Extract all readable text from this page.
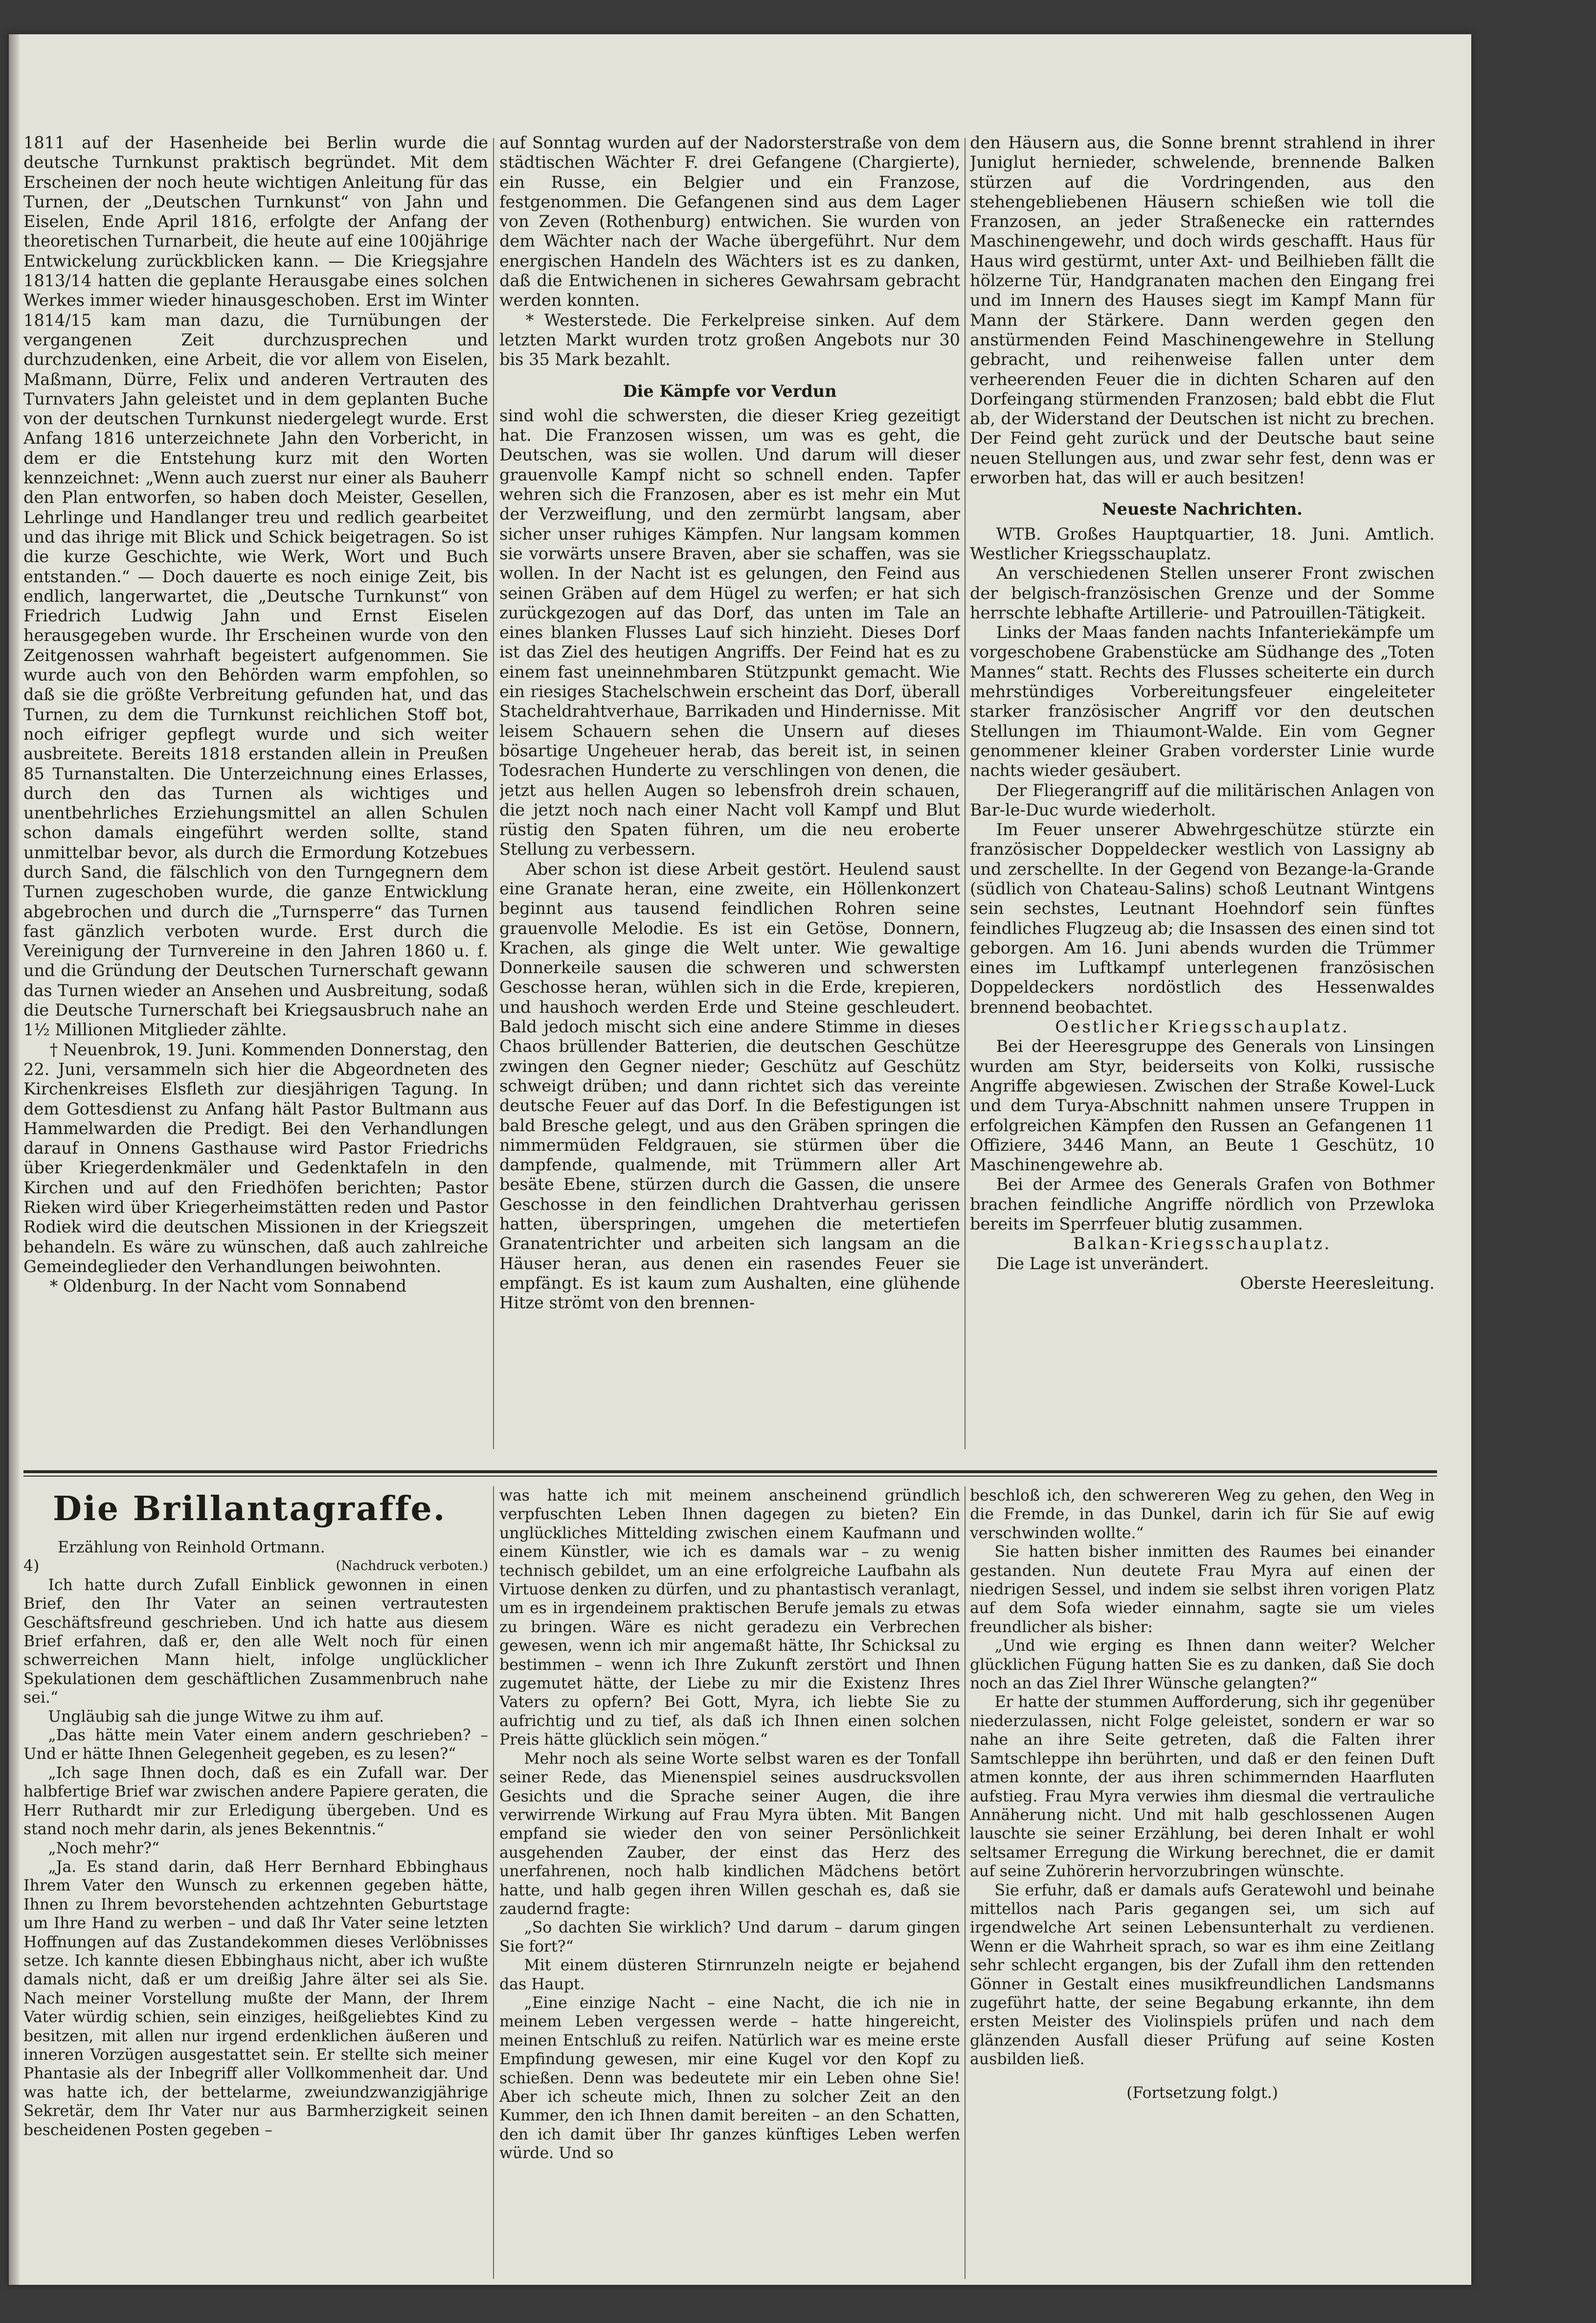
1811 auf der Hasenheide bei Berlin wurde die deutsche Turnkunst praktisch begründet. Mit dem Erscheinen der noch heute wichtigen Anleitung für das Turnen, der „Deutschen Turnkunst“ von Jahn und Eiselen, Ende April 1816, erfolgte der Anfang der theoretischen Turnarbeit, die heute auf eine 100jährige Entwickelung zurückblicken kann. — Die Kriegsjahre 1813/14 hatten die geplante Herausgabe eines solchen Werkes immer wieder hinausgeschoben. Erst im Winter 1814/15 kam man dazu, die Turnübungen der vergangenen Zeit durchzusprechen und durchzudenken, eine Arbeit, die vor allem von Eiselen, Maßmann, Dürre, Felix und anderen Vertrauten des Turnvaters Jahn geleistet und in dem geplanten Buche von der deutschen Turnkunst niedergelegt wurde. Erst Anfang 1816 unterzeichnete Jahn den Vorbericht, in dem er die Entstehung kurz mit den Worten kennzeichnet: „Wenn auch zuerst nur einer als Bauherr den Plan entworfen, so haben doch Meister, Gesellen, Lehrlinge und Handlanger treu und redlich gearbeitet und das ihrige mit Blick und Schick beigetragen. So ist die kurze Geschichte, wie Werk, Wort und Buch entstanden.“ — Doch dauerte es noch einige Zeit, bis endlich, langerwartet, die „Deutsche Turnkunst“ von Friedrich Ludwig Jahn und Ernst Eiselen herausgegeben wurde. Ihr Erscheinen wurde von den Zeitgenossen wahrhaft begeistert aufgenommen. Sie wurde auch von den Behörden warm empfohlen, so daß sie die größte Verbreitung gefunden hat, und das Turnen, zu dem die Turnkunst reichlichen Stoff bot, noch eifriger gepflegt wurde und sich weiter ausbreitete. Bereits 1818 erstanden allein in Preußen 85 Turnanstalten. Die Unterzeichnung eines Erlasses, durch den das Turnen als wichtiges und unentbehrliches Erziehungsmittel an allen Schulen schon damals eingeführt werden sollte, stand unmittelbar bevor, als durch die Ermordung Kotzebues durch Sand, die fälschlich von den Turngegnern dem Turnen zugeschoben wurde, die ganze Entwicklung abgebrochen und durch die „Turnsperre“ das Turnen fast gänzlich verboten wurde. Erst durch die Vereinigung der Turnvereine in den Jahren 1860 u. f. und die Gründung der Deutschen Turnerschaft gewann das Turnen wieder an Ansehen und Ausbreitung, sodaß die Deutsche Turnerschaft bei Kriegsausbruch nahe an 1½ Millionen Mitglieder zählte.

† Neuenbrok, 19. Juni. Kommenden Donnerstag, den 22. Juni, versammeln sich hier die Abgeordneten des Kirchenkreises Elsfleth zur diesjährigen Tagung. In dem Gottesdienst zu Anfang hält Pastor Bultmann aus Hammelwarden die Predigt. Bei den Verhandlungen darauf in Onnens Gasthause wird Pastor Friedrichs über Kriegerdenkmäler und Gedenktafeln in den Kirchen und auf den Friedhöfen berichten; Pastor Rieken wird über Kriegerheimstätten reden und Pastor Rodiek wird die deutschen Missionen in der Kriegszeit behandeln. Es wäre zu wünschen, daß auch zahlreiche Gemeindeglieder den Verhandlungen beiwohnten.

* Oldenburg. In der Nacht vom Sonnabend

auf Sonntag wurden auf der Nadorsterstraße von dem städtischen Wächter F. drei Gefangene (Chargierte), ein Russe, ein Belgier und ein Franzose, festgenommen. Die Gefangenen sind aus dem Lager von Zeven (Rothenburg) entwichen. Sie wurden von dem Wächter nach der Wache übergeführt. Nur dem energischen Handeln des Wächters ist es zu danken, daß die Entwichenen in sicheres Gewahrsam gebracht werden konnten.

* Westerstede. Die Ferkelpreise sinken. Auf dem letzten Markt wurden trotz großen Angebots nur 30 bis 35 Mark bezahlt.

Die Kämpfe vor Verdun

sind wohl die schwersten, die dieser Krieg gezeitigt hat. Die Franzosen wissen, um was es geht, die Deutschen, was sie wollen. Und darum will dieser grauenvolle Kampf nicht so schnell enden. Tapfer wehren sich die Franzosen, aber es ist mehr ein Mut der Verzweiflung, und den zermürbt langsam, aber sicher unser ruhiges Kämpfen. Nur langsam kommen sie vorwärts unsere Braven, aber sie schaffen, was sie wollen. In der Nacht ist es gelungen, den Feind aus seinen Gräben auf dem Hügel zu werfen; er hat sich zurückgezogen auf das Dorf, das unten im Tale an eines blanken Flusses Lauf sich hinzieht. Dieses Dorf ist das Ziel des heutigen Angriffs. Der Feind hat es zu einem fast uneinnehmbaren Stützpunkt gemacht. Wie ein riesiges Stachelschwein erscheint das Dorf, überall Stacheldrahtverhaue, Barrikaden und Hindernisse. Mit leisem Schauern sehen die Unsern auf dieses bösartige Ungeheuer herab, das bereit ist, in seinen Todesrachen Hunderte zu verschlingen von denen, die jetzt aus hellen Augen so lebensfroh drein schauen, die jetzt noch nach einer Nacht voll Kampf und Blut rüstig den Spaten führen, um die neu eroberte Stellung zu verbessern.

Aber schon ist diese Arbeit gestört. Heulend saust eine Granate heran, eine zweite, ein Höllenkonzert beginnt aus tausend feindlichen Rohren seine grauenvolle Melodie. Es ist ein Getöse, Donnern, Krachen, als ginge die Welt unter. Wie gewaltige Donnerkeile sausen die schweren und schwersten Geschosse heran, wühlen sich in die Erde, krepieren, und haushoch werden Erde und Steine geschleudert. Bald jedoch mischt sich eine andere Stimme in dieses Chaos brüllender Batterien, die deutschen Geschütze zwingen den Gegner nieder; Geschütz auf Geschütz schweigt drüben; und dann richtet sich das vereinte deutsche Feuer auf das Dorf. In die Befestigungen ist bald Bresche gelegt, und aus den Gräben springen die nimmermüden Feldgrauen, sie stürmen über die dampfende, qualmende, mit Trümmern aller Art besäte Ebene, stürzen durch die Gassen, die unsere Geschosse in den feindlichen Drahtverhau gerissen hatten, überspringen, umgehen die metertiefen Granatentrichter und arbeiten sich langsam an die Häuser heran, aus denen ein rasendes Feuer sie empfängt. Es ist kaum zum Aushalten, eine glühende Hitze strömt von den brennen-

den Häusern aus, die Sonne brennt strahlend in ihrer Juniglut hernieder, schwelende, brennende Balken stürzen auf die Vordringenden, aus den stehengebliebenen Häusern schießen wie toll die Franzosen, an jeder Straßenecke ein ratterndes Maschinengewehr, und doch wirds geschafft. Haus für Haus wird gestürmt, unter Axt- und Beilhieben fällt die hölzerne Tür, Handgranaten machen den Eingang frei und im Innern des Hauses siegt im Kampf Mann für Mann der Stärkere. Dann werden gegen den anstürmenden Feind Maschinengewehre in Stellung gebracht, und reihenweise fallen unter dem verheerenden Feuer die in dichten Scharen auf den Dorfeingang stürmenden Franzosen; bald ebbt die Flut ab, der Widerstand der Deutschen ist nicht zu brechen. Der Feind geht zurück und der Deutsche baut seine neuen Stellungen aus, und zwar sehr fest, denn was er erworben hat, das will er auch besitzen!

Neueste Nachrichten.

WTB. Großes Hauptquartier, 18. Juni. Amtlich. Westlicher Kriegsschauplatz.

An verschiedenen Stellen unserer Front zwischen der belgisch-französischen Grenze und der Somme herrschte lebhafte Artillerie- und Patrouillen-Tätigkeit.

Links der Maas fanden nachts Infanteriekämpfe um vorgeschobene Grabenstücke am Südhange des „Toten Mannes“ statt. Rechts des Flusses scheiterte ein durch mehrstündiges Vorbereitungsfeuer eingeleiteter starker französischer Angriff vor den deutschen Stellungen im Thiaumont-Walde. Ein vom Gegner genommener kleiner Graben vorderster Linie wurde nachts wieder gesäubert.

Der Fliegerangriff auf die militärischen Anlagen von Bar-le-Duc wurde wiederholt.

Im Feuer unserer Abwehrgeschütze stürzte ein französischer Doppeldecker westlich von Lassigny ab und zerschellte. In der Gegend von Bezange-la-Grande (südlich von Chateau-Salins) schoß Leutnant Wintgens sein sechstes, Leutnant Hoehndorf sein fünftes feindliches Flugzeug ab; die Insassen des einen sind tot geborgen. Am 16. Juni abends wurden die Trümmer eines im Luftkampf unterlegenen französischen Doppeldeckers nordöstlich des Hessenwaldes brennend beobachtet.

Oestlicher Kriegsschauplatz.

Bei der Heeresgruppe des Generals von Linsingen wurden am Styr, beiderseits von Kolki, russische Angriffe abgewiesen. Zwischen der Straße Kowel-Luck und dem Turya-Abschnitt nahmen unsere Truppen in erfolgreichen Kämpfen den Russen an Gefangenen 11 Offiziere, 3446 Mann, an Beute 1 Geschütz, 10 Maschinengewehre ab.

Bei der Armee des Generals Grafen von Bothmer brachen feindliche Angriffe nördlich von Przewloka bereits im Sperrfeuer blutig zusammen.

Balkan-Kriegsschauplatz.

Die Lage ist unverändert.

Oberste Heeresleitung.
Die Brillantagraffe.
Erzählung von Reinhold Ortmann.
4)	(Nachdruck verboten.)

Ich hatte durch Zufall Einblick gewonnen in einen Brief, den Ihr Vater an seinen vertrautesten Geschäftsfreund geschrieben. Und ich hatte aus diesem Brief erfahren, daß er, den alle Welt noch für einen schwerreichen Mann hielt, infolge unglücklicher Spekulationen dem geschäftlichen Zusammenbruch nahe sei.“

Ungläubig sah die junge Witwe zu ihm auf.

„Das hätte mein Vater einem andern geschrieben? – Und er hätte Ihnen Gelegenheit gegeben, es zu lesen?“

„Ich sage Ihnen doch, daß es ein Zufall war. Der halbfertige Brief war zwischen andere Papiere geraten, die Herr Ruthardt mir zur Erledigung übergeben. Und es stand noch mehr darin, als jenes Bekenntnis.“

„Noch mehr?“

„Ja. Es stand darin, daß Herr Bernhard Ebbinghaus Ihrem Vater den Wunsch zu erkennen gegeben hätte, Ihnen zu Ihrem bevorstehenden achtzehnten Geburtstage um Ihre Hand zu werben – und daß Ihr Vater seine letzten Hoffnungen auf das Zustandekommen dieses Verlöbnisses setze. Ich kannte diesen Ebbinghaus nicht, aber ich wußte damals nicht, daß er um dreißig Jahre älter sei als Sie. Nach meiner Vorstellung mußte der Mann, der Ihrem Vater würdig schien, sein einziges, heißgeliebtes Kind zu besitzen, mit allen nur irgend erdenklichen äußeren und inneren Vorzügen ausgestattet sein. Er stellte sich meiner Phantasie als der Inbegriff aller Vollkommenheit dar. Und was hatte ich, der bettelarme, zweiundzwanzigjährige Sekretär, dem Ihr Vater nur aus Barmherzigkeit seinen bescheidenen Posten gegeben –

was hatte ich mit meinem anscheinend gründlich verpfuschten Leben Ihnen dagegen zu bieten? Ein unglückliches Mittelding zwischen einem Kaufmann und einem Künstler, wie ich es damals war – zu wenig technisch gebildet, um an eine erfolgreiche Laufbahn als Virtuose denken zu dürfen, und zu phantastisch veranlagt, um es in irgendeinem praktischen Berufe jemals zu etwas zu bringen. Wäre es nicht geradezu ein Verbrechen gewesen, wenn ich mir angemaßt hätte, Ihr Schicksal zu bestimmen – wenn ich Ihre Zukunft zerstört und Ihnen zugemutet hätte, der Liebe zu mir die Existenz Ihres Vaters zu opfern? Bei Gott, Myra, ich liebte Sie zu aufrichtig und zu tief, als daß ich Ihnen einen solchen Preis hätte glücklich sein mögen.“

Mehr noch als seine Worte selbst waren es der Tonfall seiner Rede, das Mienenspiel seines ausdrucksvollen Gesichts und die Sprache seiner Augen, die ihre verwirrende Wirkung auf Frau Myra übten. Mit Bangen empfand sie wieder den von seiner Persönlichkeit ausgehenden Zauber, der einst das Herz des unerfahrenen, noch halb kindlichen Mädchens betört hatte, und halb gegen ihren Willen geschah es, daß sie zaudernd fragte:

„So dachten Sie wirklich? Und darum – darum gingen Sie fort?“

Mit einem düsteren Stirnrunzeln neigte er bejahend das Haupt.

„Eine einzige Nacht – eine Nacht, die ich nie in meinem Leben vergessen werde – hatte hingereicht, meinen Entschluß zu reifen. Natürlich war es meine erste Empfindung gewesen, mir eine Kugel vor den Kopf zu schießen. Denn was bedeutete mir ein Leben ohne Sie! Aber ich scheute mich, Ihnen zu solcher Zeit an den Kummer, den ich Ihnen damit bereiten – an den Schatten, den ich damit über Ihr ganzes künftiges Leben werfen würde. Und so

beschloß ich, den schwereren Weg zu gehen, den Weg in die Fremde, in das Dunkel, darin ich für Sie auf ewig verschwinden wollte.“

Sie hatten bisher inmitten des Raumes bei einander gestanden. Nun deutete Frau Myra auf einen der niedrigen Sessel, und indem sie selbst ihren vorigen Platz auf dem Sofa wieder einnahm, sagte sie um vieles freundlicher als bisher:

„Und wie erging es Ihnen dann weiter? Welcher glücklichen Fügung hatten Sie es zu danken, daß Sie doch noch an das Ziel Ihrer Wünsche gelangten?“

Er hatte der stummen Aufforderung, sich ihr gegenüber niederzulassen, nicht Folge geleistet, sondern er war so nahe an ihre Seite getreten, daß die Falten ihrer Samtschleppe ihn berührten, und daß er den feinen Duft atmen konnte, der aus ihren schimmernden Haarfluten aufstieg. Frau Myra verwies ihm diesmal die vertrauliche Annäherung nicht. Und mit halb geschlossenen Augen lauschte sie seiner Erzählung, bei deren Inhalt er wohl seltsamer Erregung die Wirkung berechnet, die er damit auf seine Zuhörerin hervorzubringen wünschte.

Sie erfuhr, daß er damals aufs Geratewohl und beinahe mittellos nach Paris gegangen sei, um sich auf irgendwelche Art seinen Lebensunterhalt zu verdienen. Wenn er die Wahrheit sprach, so war es ihm eine Zeitlang sehr schlecht ergangen, bis der Zufall ihm den rettenden Gönner in Gestalt eines musikfreundlichen Landsmanns zugeführt hatte, der seine Begabung erkannte, ihn dem ersten Meister des Violinspiels prüfen und nach dem glänzenden Ausfall dieser Prüfung auf seine Kosten ausbilden ließ.

(Fortsetzung folgt.)
